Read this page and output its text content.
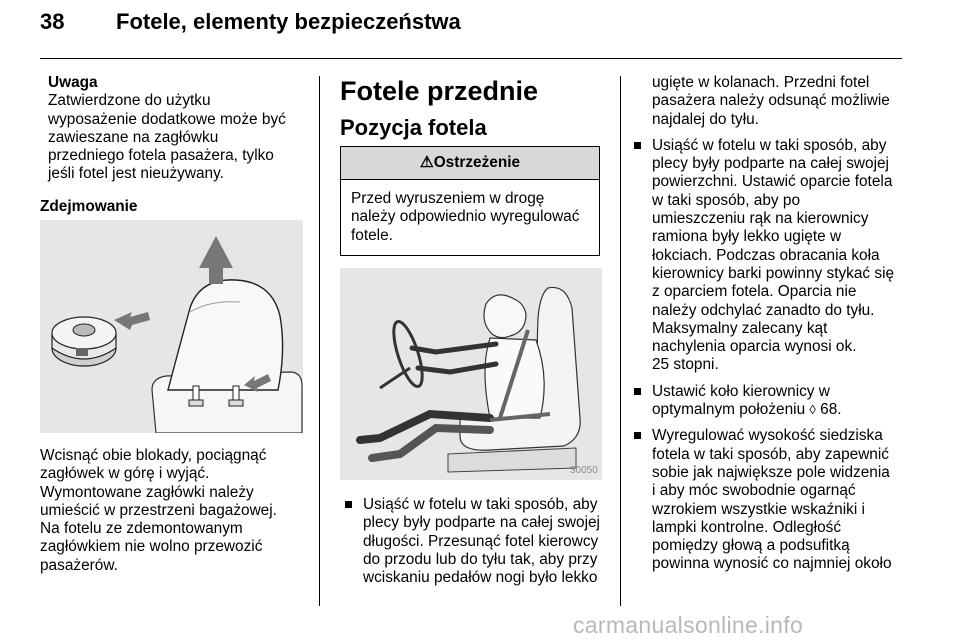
38 Fotele, elementy bezpieczeństwa

Uwaga

Zatwierdzone do użytku

wyposażenie dodatkowe może być

zawieszane na zagłówku

przedniego fotela pasażera, tylko

jeśli fotel jest nieużywany.

Zdejmowanie

Wcisnąć obie blokady, pociągnąć

zagłówek w górę i wyjąć.

Wymontowane zagłówki należy

umieścić w przestrzeni bagażowej.

Na fotelu ze zdemontowanym

zagłówkiem nie wolno przewozić

pasażerów.

Fotele przednie
Pozycja fotela
⚠Ostrzeżenie

Przed wyruszeniem w drogę

należy odpowiednio wyregulować

fotele.

30050

Usiąść w fotelu w taki sposób, aby

plecy były podparte na całej swojej

długości. Przesunąć fotel kierowcy

do przodu lub do tyłu tak, aby przy

wciskaniu pedałów nogi było lekko

ugięte w kolanach. Przedni fotel

pasażera należy odsunąć możliwie

najdalej do tyłu.

Usiąść w fotelu w taki sposób, aby

plecy były podparte na całej swojej

powierzchni. Ustawić oparcie fotela

w taki sposób, aby po

umieszczeniu rąk na kierownicy

ramiona były lekko ugięte w

łokciach. Podczas obracania koła

kierownicy barki powinny stykać się

z oparciem fotela. Oparcia nie

należy odchylać zanadto do tyłu.

Maksymalny zalecany kąt

nachylenia oparcia wynosi ok.

25 stopni.

Ustawić koło kierownicy w

optymalnym położeniu ◊ 68.

Wyregulować wysokość siedziska

fotela w taki sposób, aby zapewnić

sobie jak największe pole widzenia

i aby móc swobodnie ogarnąć

wzrokiem wszystkie wskaźniki i

lampki kontrolne. Odległość

pomiędzy głową a podsufitką

powinna wynosić co najmniej około

carmanualsonline.info
